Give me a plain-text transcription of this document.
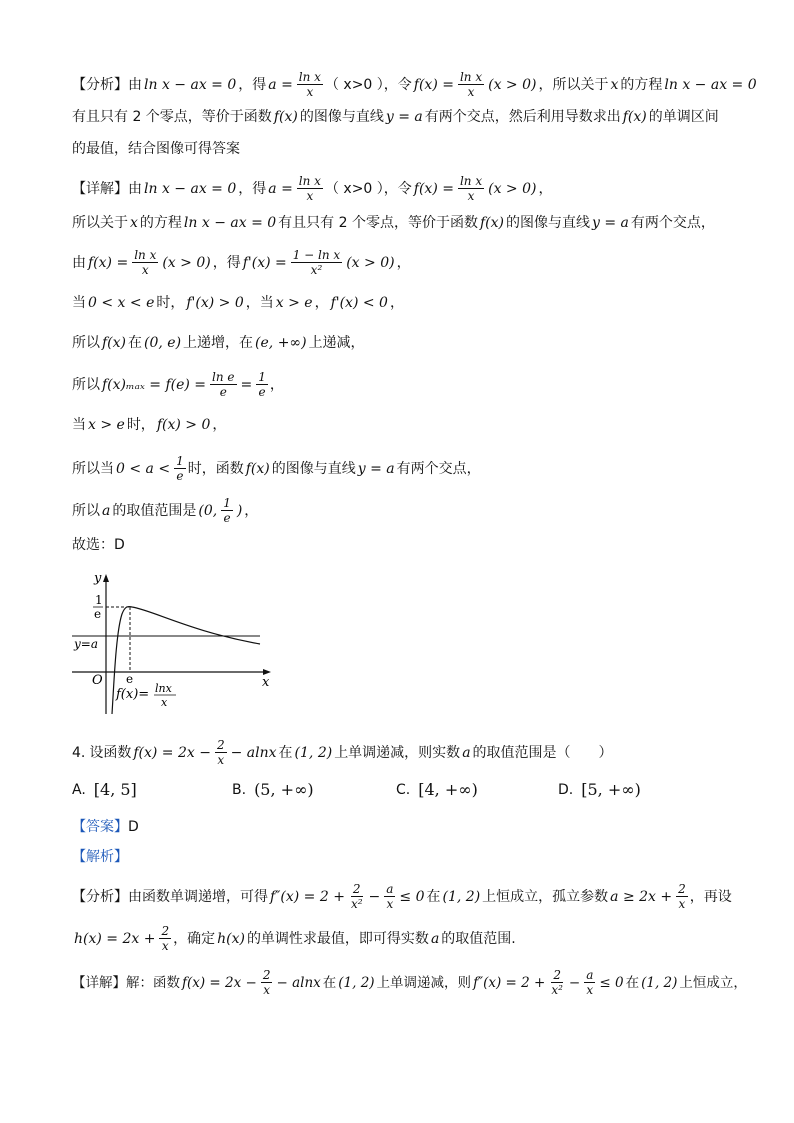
【分析】 由 ln x − ax = 0 ，得 $a = \frac{\text{ln x}}{x}$ （ x>0 ），令 $f(x) = \frac{\text{ln x}}{x} (x > 0)$ ，所以关于 x 的方程 ln x − ax = 0
有且只有 2 个零点，等价于函数 f(x) 的图像与直线 y = a 有两个交点，然后利用导数求出 f(x) 的单调区间
的最值，结合图像可得答案
【详解】 由 ln x − ax = 0 ，得 $a = \frac{\text{ln x}}{x}$ （ x>0 ），令 $f(x) = \frac{\text{ln x}}{x} (x > 0)$ ，
所以关于 x 的方程 ln x − ax = 0 有且只有 2 个零点，等价于函数 f(x) 的图像与直线 y = a 有两个交点，
由 $f(x) = \frac{\text{ln x}}{x} (x > 0)$ ，得 $f'(x) = \frac{\text{1 − ln x}}{\text{x²}} (x > 0)$ ，
当 0 < x < e 时， f'(x) > 0 ，当 x > e ， f'(x) < 0 ，
所以 f(x) 在 (0, e) 上递增，在 (e, +∞) 上递减，
所以 $f(x)_{max} = f(e) = \frac{\text{ln e}}{e} = \frac{1}{e}$ ，
当 x > e 时， f(x) > 0 ，
所以当 $0 < a < \frac{1}{e}$ 时，函数 f(x) 的图像与直线 y = a 有两个交点，
所以 a 的取值范围是 (0, $\frac{1}{e}$ ) ，
故选：D
y
x
O
1
e
e
y=a
f(x)= lnx
x
4. 设函数 $f(x) = 2x - \frac{2}{x} - alnx$ 在 (1, 2) 上单调递减，则实数 a 的取值范围是（　　）
A. [4, 5]	B. (5, +∞)	C. [4, +∞)	D. [5, +∞)
【答案】 D
【解析】
【分析】 由函数单调递增，可得 $f''(x) = 2 + \frac{2}{\text{x²}} - \frac{a}{x} \le 0$ 在 (1, 2) 上恒成立，孤立参数 $a \ge 2x + \frac{2}{x}$ ，再设
$h(x) = 2x + \frac{2}{x}$ ，确定 h(x) 的单调性求最值，即可得实数 a 的取值范围.
【详解】 解：函数 $f(x) = 2x - \frac{2}{x} - alnx$ 在 (1, 2) 上单调递减，则 $f''(x) = 2 + \frac{2}{\text{x²}} - \frac{a}{x} \le 0$ 在 (1, 2) 上恒成立，
